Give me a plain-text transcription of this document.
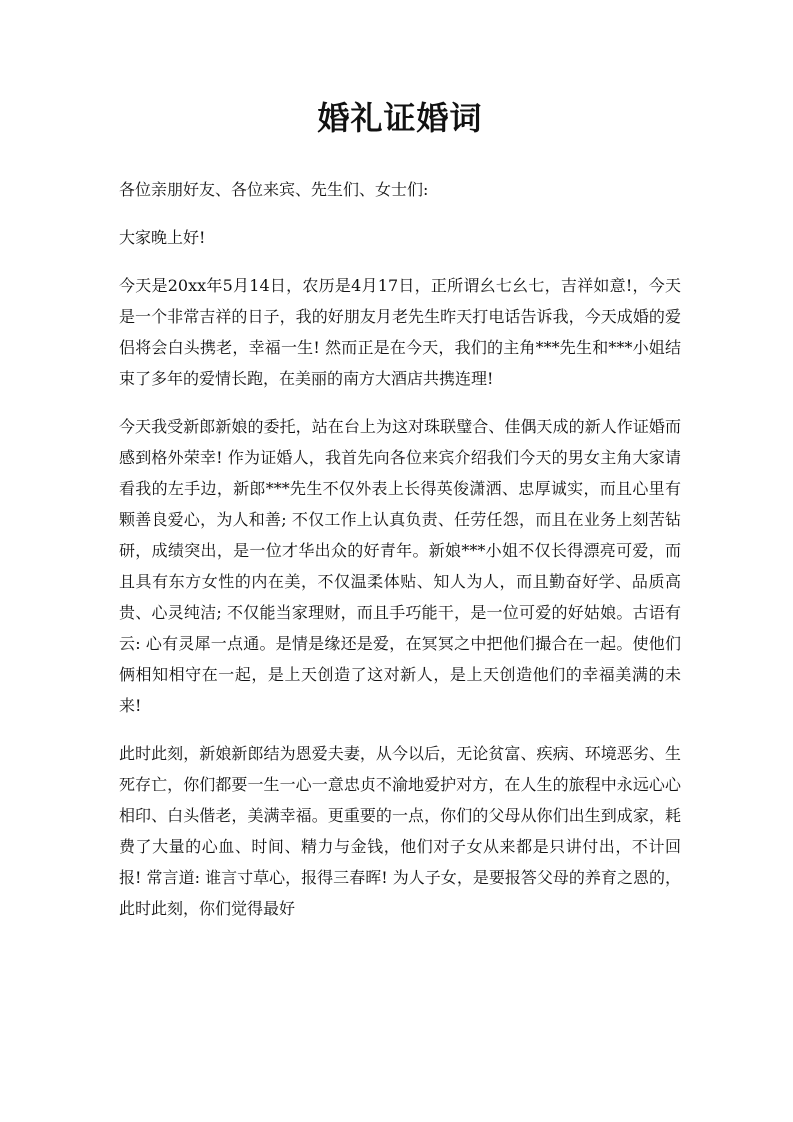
婚礼证婚词

各位亲朋好友、各位来宾、先生们、女士们:

大家晚上好!

今天是20xx年5月14日，农历是4月17日，正所谓幺七幺七，吉祥如意!，今天是一个非常吉祥的日子，我的好朋友月老先生昨天打电话告诉我，今天成婚的爱侣将会白头携老，幸福一生! 然而正是在今天，我们的主角***先生和***小姐结束了多年的爱情长跑，在美丽的南方大酒店共携连理!

今天我受新郎新娘的委托，站在台上为这对珠联璧合、佳偶天成的新人作证婚而感到格外荣幸! 作为证婚人，我首先向各位来宾介绍我们今天的男女主角大家请看我的左手边，新郎***先生不仅外表上长得英俊潇洒、忠厚诚实，而且心里有颗善良爱心，为人和善; 不仅工作上认真负责、任劳任怨，而且在业务上刻苦钻研，成绩突出，是一位才华出众的好青年。新娘***小姐不仅长得漂亮可爱，而且具有东方女性的内在美，不仅温柔体贴、知人为人，而且勤奋好学、品质高贵、心灵纯洁; 不仅能当家理财，而且手巧能干，是一位可爱的好姑娘。古语有云: 心有灵犀一点通。是情是缘还是爱，在冥冥之中把他们撮合在一起。使他们俩相知相守在一起，是上天创造了这对新人，是上天创造他们的幸福美满的未来!

此时此刻，新娘新郎结为恩爱夫妻，从今以后，无论贫富、疾病、环境恶劣、生死存亡，你们都要一生一心一意忠贞不渝地爱护对方，在人生的旅程中永远心心相印、白头偕老，美满幸福。更重要的一点，你们的父母从你们出生到成家，耗费了大量的心血、时间、精力与金钱，他们对子女从来都是只讲付出，不计回报! 常言道: 谁言寸草心，报得三春晖! 为人子女，是要报答父母的养育之恩的，此时此刻，你们觉得最好
